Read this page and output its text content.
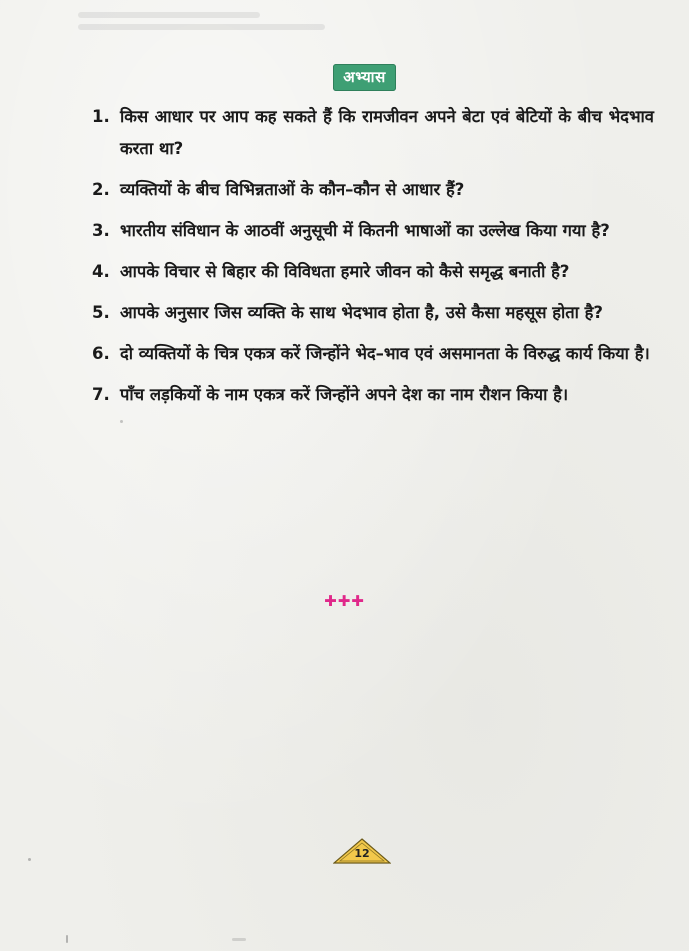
अभ्यास
1. किस आधार पर आप कह सकते हैं कि रामजीवन अपने बेटा एवं बेटियों के बीच भेदभाव करता था?
2. व्यक्तियों के बीच विभिन्नताओं के कौन–कौन से आधार हैं?
3. भारतीय संविधान के आठवीं अनुसूची में कितनी भाषाओं का उल्लेख किया गया है?
4. आपके विचार से बिहार की विविधता हमारे जीवन को कैसे समृद्ध बनाती है?
5. आपके अनुसार जिस व्यक्ति के साथ भेदभाव होता है, उसे कैसा महसूस होता है?
6. दो व्यक्तियों के चित्र एकत्र करें जिन्होंने भेद–भाव एवं असमानता के विरुद्ध कार्य किया है।
7. पाँच लड़कियों के नाम एकत्र करें जिन्होंने अपने देश का नाम रौशन किया है।
✚✚✚
12
